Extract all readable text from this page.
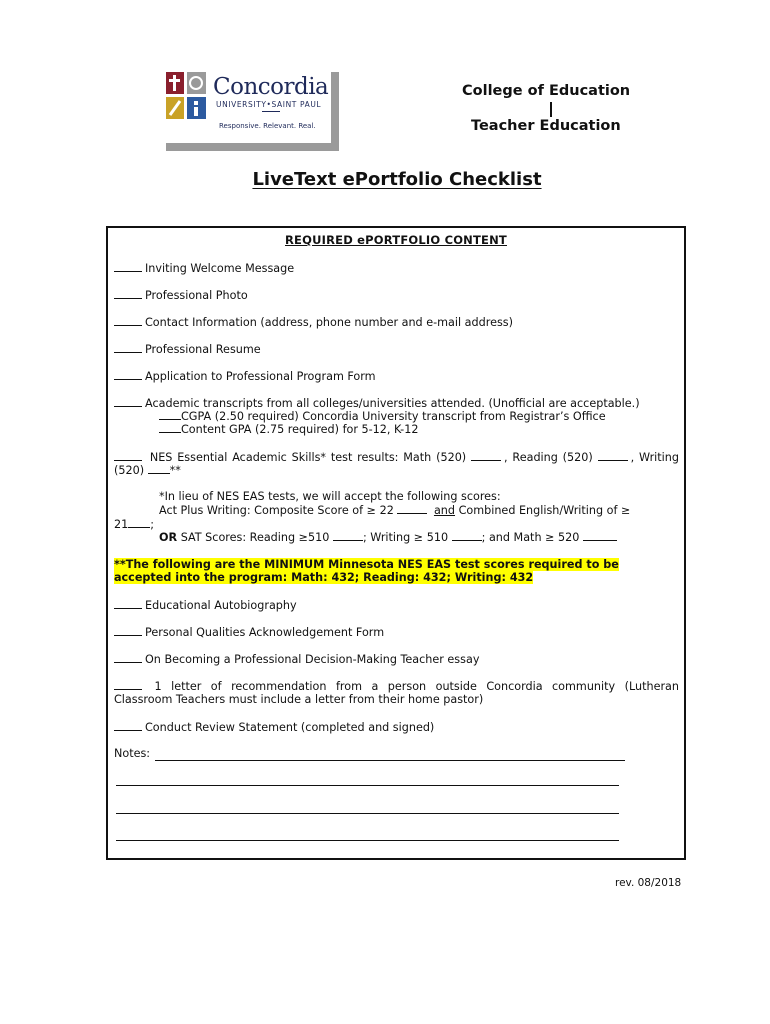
Concordia
UNIVERSITY•SAINT PAUL
Responsive. Relevant. Real.
College of Education
Teacher Education
LiveText ePortfolio Checklist
REQUIRED ePORTFOLIO CONTENT
Inviting Welcome Message
Professional Photo
Contact Information (address, phone number and e-mail address)
Professional Resume
Application to Professional Program Form
Academic transcripts from all colleges/universities attended. (Unofficial are acceptable.)
CGPA (2.50 required) Concordia University transcript from Registrar’s Office
Content GPA (2.75 required) for 5-12, K-12
NES Essential Academic Skills* test results: Math (520)	, Reading (520)	, Writing
(520) **
*In lieu of NES EAS tests, we will accept the following scores:
Act Plus Writing: Composite Score of ≥ 22	and Combined English/Writing of ≥
21 ;
OR SAT Scores: Reading ≥510	; Writing ≥ 510	; and Math ≥ 520
**The following are the MINIMUM Minnesota NES EAS test scores required to be
accepted into the program: Math: 432; Reading: 432; Writing: 432
Educational Autobiography
Personal Qualities Acknowledgement Form
On Becoming a Professional Decision-Making Teacher essay
1 letter of recommendation from a person outside Concordia community (Lutheran
Classroom Teachers must include a letter from their home pastor)
Conduct Review Statement (completed and signed)
Notes:
rev. 08/2018
